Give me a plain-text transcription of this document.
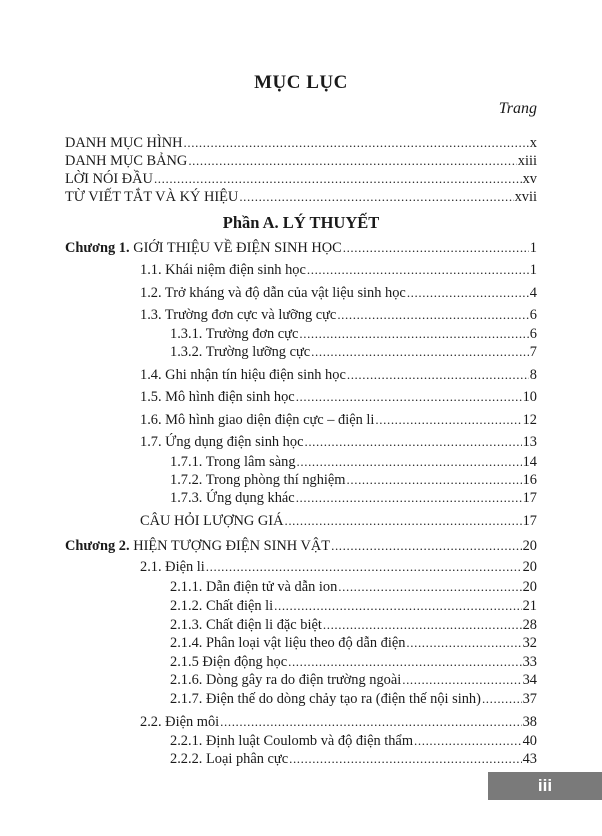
MỤC LỤC
Trang
DANH MỤC HÌNH .....	x
DANH MỤC BẢNG .....	xiii
LỜI NÓI ĐẦU .....	xv
TỪ VIẾT TẮT VÀ KÝ HIỆU .....	xvii
Phần A. LÝ THUYẾT
Chương 1. GIỚI THIỆU VỀ ĐIỆN SINH HỌC .....	1
1.1. Khái niệm điện sinh học .....	1
1.2. Trở kháng và độ dẫn của vật liệu sinh học .....	4
1.3. Trường đơn cực và lưỡng cực .....	6
1.3.1. Trường đơn cực .....	6
1.3.2. Trường lưỡng cực .....	7
1.4. Ghi nhận tín hiệu điện sinh học .....	8
1.5. Mô hình điện sinh học .....	10
1.6. Mô hình giao diện điện cực – điện li .....	12
1.7. Ứng dụng điện sinh học .....	13
1.7.1. Trong lâm sàng .....	14
1.7.2. Trong phòng thí nghiệm .....	16
1.7.3. Ứng dụng khác .....	17
CÂU HỎI LƯỢNG GIÁ .....	17
Chương 2. HIỆN TƯỢNG ĐIỆN SINH VẬT .....	20
2.1. Điện li .....	20
2.1.1. Dẫn điện tử và dẫn ion .....	20
2.1.2. Chất điện li .....	21
2.1.3. Chất điện li đặc biệt .....	28
2.1.4. Phân loại vật liệu theo độ dẫn điện .....	32
2.1.5 Điện động học .....	33
2.1.6. Dòng gây ra do điện trường ngoài .....	34
2.1.7. Điện thế do dòng chảy tạo ra (điện thế nội sinh) .....	37
2.2. Điện môi .....	38
2.2.1. Định luật Coulomb và độ điện thẩm .....	40
2.2.2. Loại phân cực .....	43
iii
